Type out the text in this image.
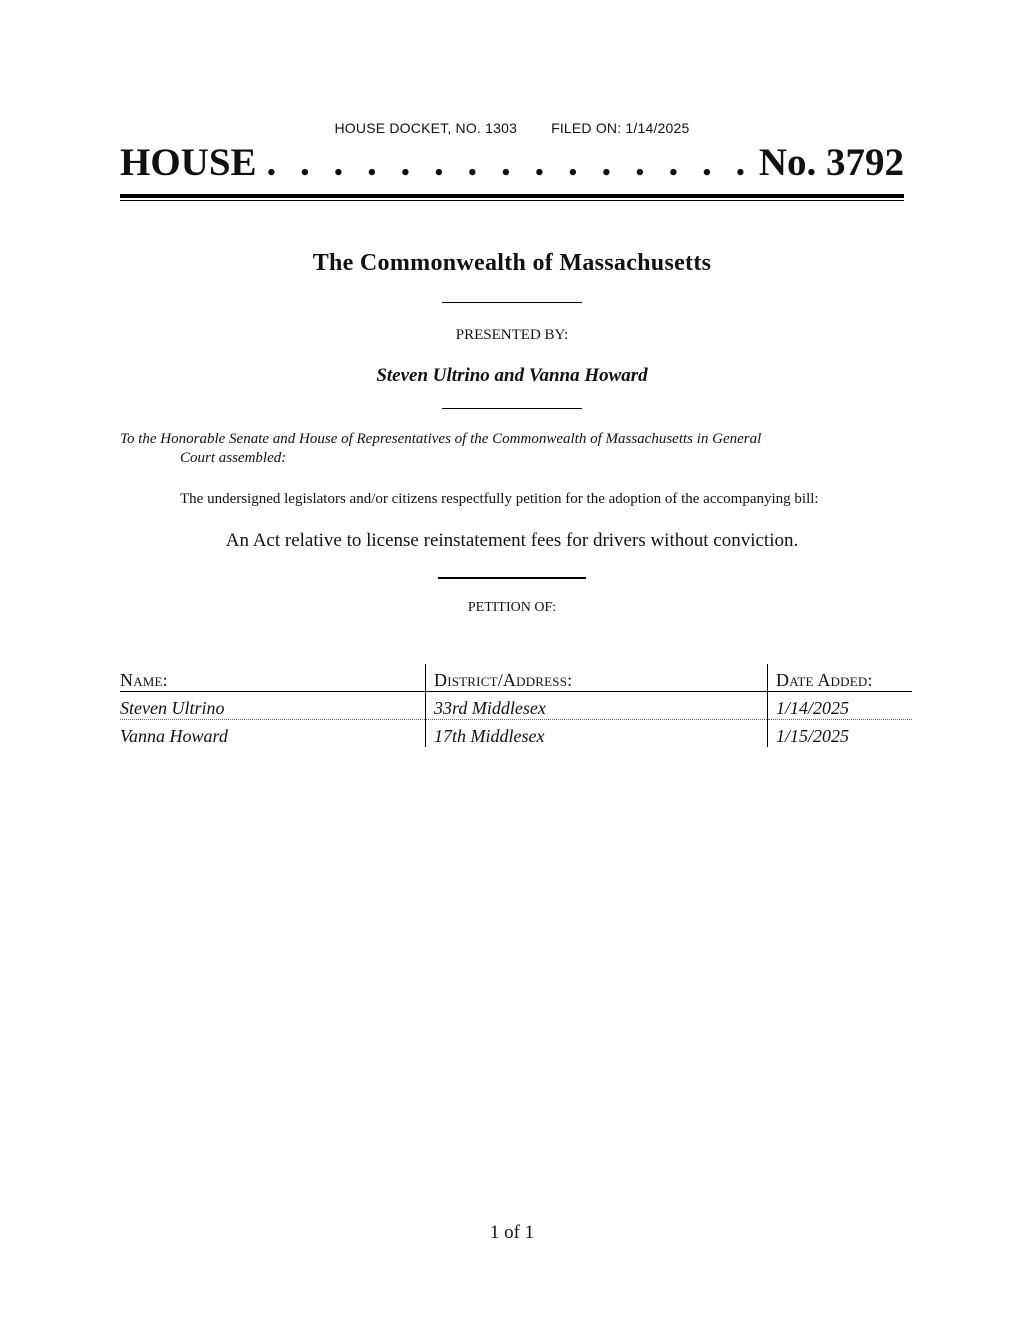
HOUSE DOCKET, NO. 1303 FILED ON: 1/14/2025
HOUSE . . . . . . . . . . . . . . . No. 3792
The Commonwealth of Massachusetts
PRESENTED BY:
Steven Ultrino and Vanna Howard
To the Honorable Senate and House of Representatives of the Commonwealth of Massachusetts in General
Court assembled:
The undersigned legislators and/or citizens respectfully petition for the adoption of the accompanying bill:
An Act relative to license reinstatement fees for drivers without conviction.
PETITION OF:
Name:	District/Address:	Date Added:
Steven Ultrino	33rd Middlesex	1/14/2025
Vanna Howard	17th Middlesex	1/15/2025
1 of 1
